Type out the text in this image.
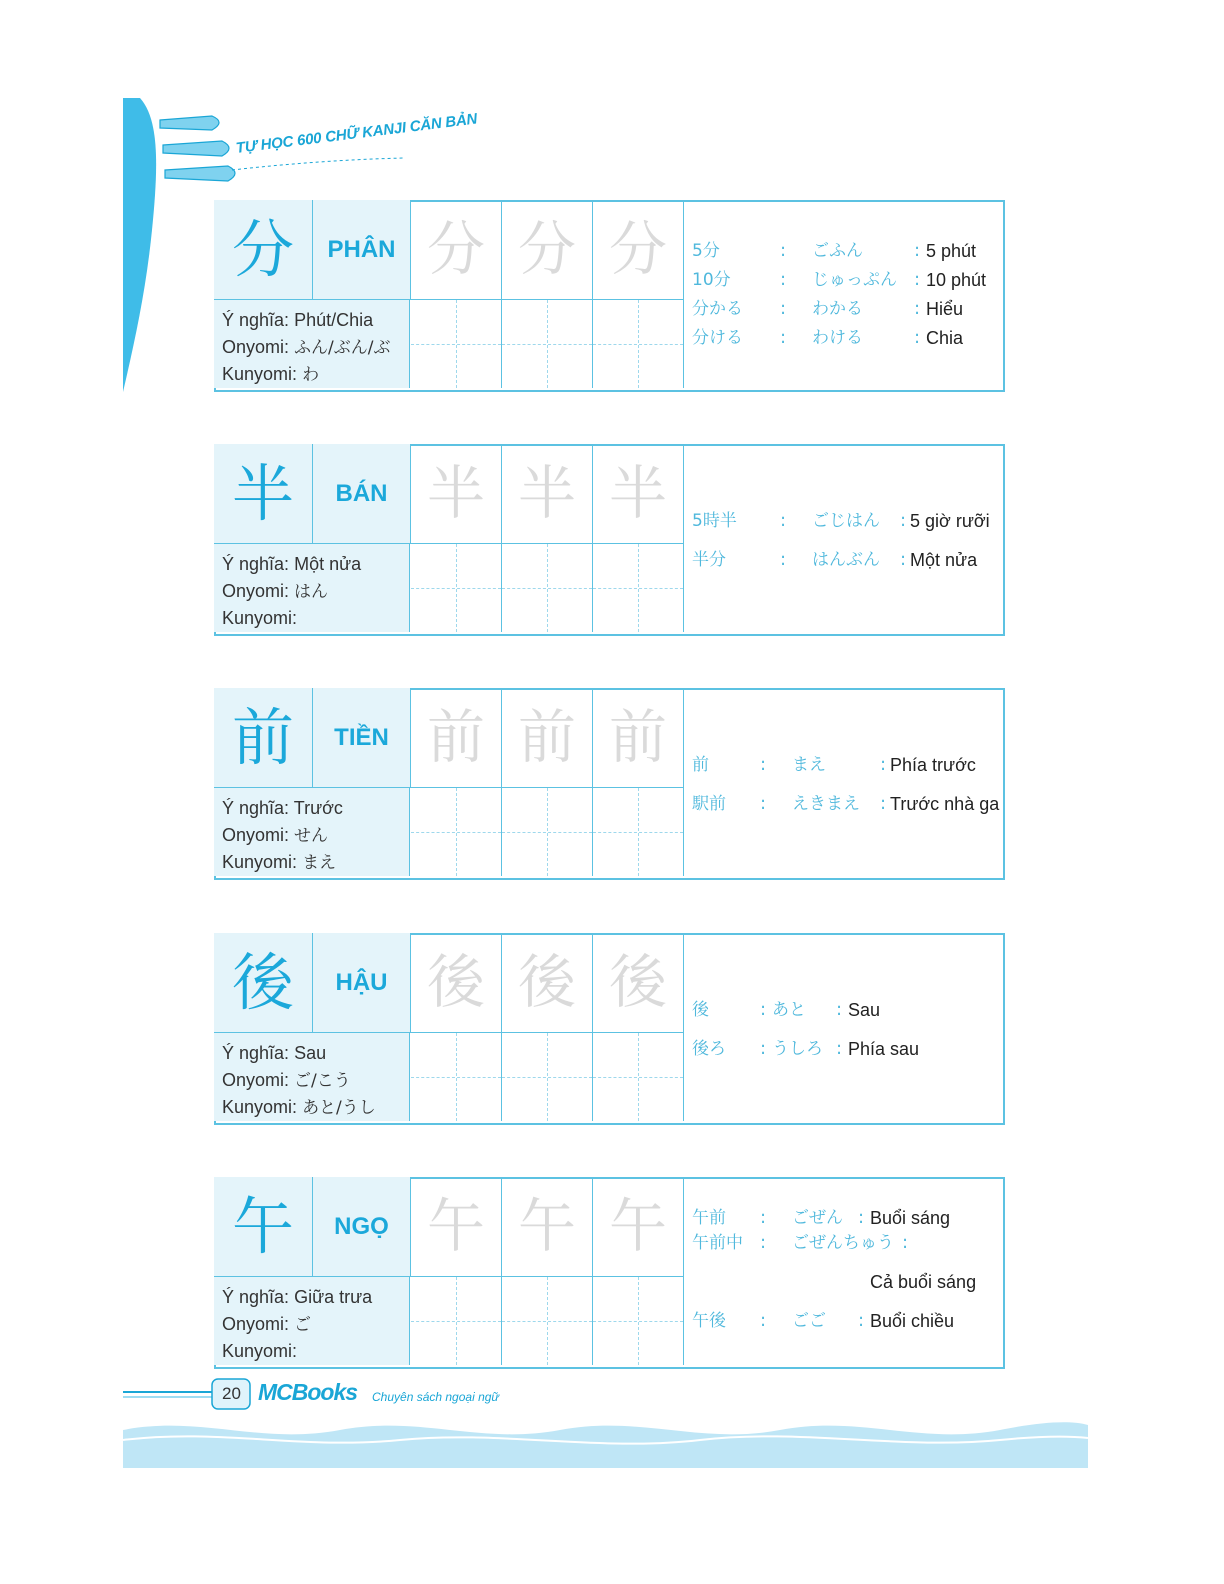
TỰ HỌC 600 CHỮ KANJI CĂN BẢN
分	PHÂN
Ý nghĩa: Phút/Chia
Onyomi: ふん/ぶん/ぶ
Kunyomi: わ
分 分 分	5分	: ごふん	: 5 phút
10分	: じゅっぷん : 10 phút
分かる : わかる	: Hiểu
分ける : わける	: Chia
半	BÁN
Ý nghĩa: Một nửa
Onyomi: はん
Kunyomi:
半 半 半	5時半 : ごじはん : 5 giờ rưỡi
半分	: はんぶん : Một nửa
前	TIỀN
Ý nghĩa: Trước
Onyomi: せん
Kunyomi: まえ
前 前 前	前	: まえ	: Phía trước
駅前 : えきまえ : Trước nhà ga
後	HẬU
Ý nghĩa: Sau
Onyomi: ご/こう
Kunyomi: あと/うし
後 後 後	後	: あと : Sau
後ろ : うしろ : Phía sau
午	NGỌ
Ý nghĩa: Giữa trưa
Onyomi: ご
Kunyomi:
午 午 午	午前 : ごぜん : Buổi sáng
午前中 : ごぜんちゅう :
Cả buổi sáng
午後 : ごご : Buổi chiều
20 MCBooks Chuyên sách ngoại ngữ
